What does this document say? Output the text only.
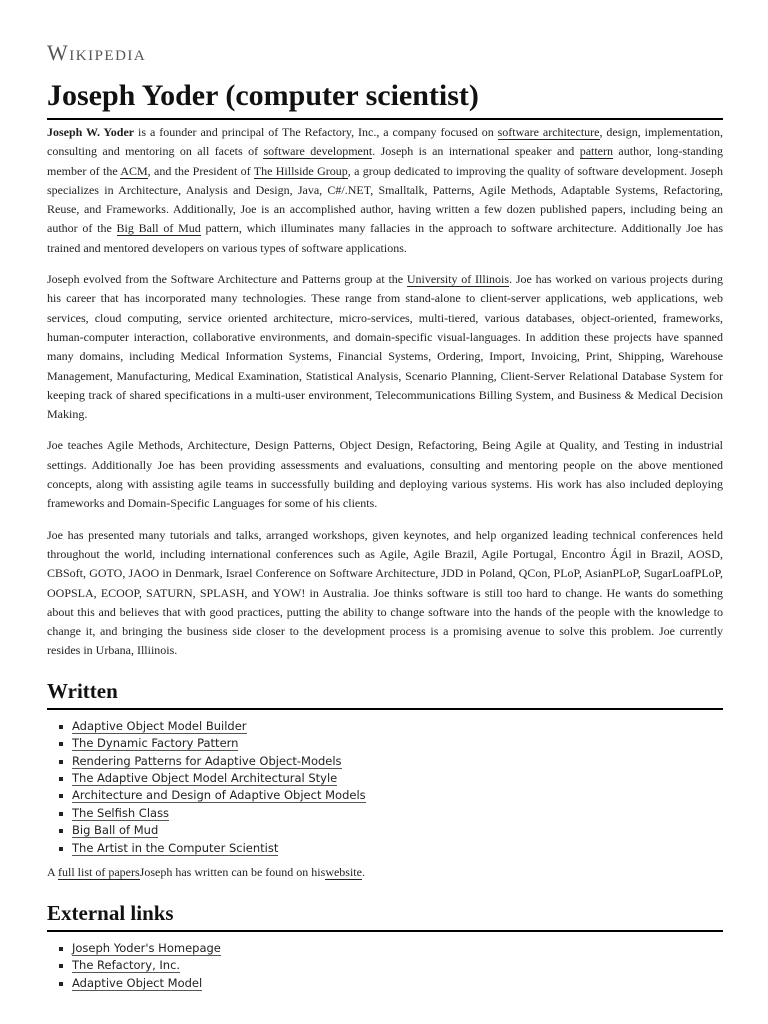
Wikipedia
Joseph Yoder (computer scientist)

Joseph W. Yoder is a founder and principal of The Refactory, Inc., a company focused on software architecture, design, implementation, consulting and mentoring on all facets of software development. Joseph is an international speaker and pattern author, long-standing member of the ACM, and the President of The Hillside Group, a group dedicated to improving the quality of software development. Joseph specializes in Architecture, Analysis and Design, Java, C#/.NET, Smalltalk, Patterns, Agile Methods, Adaptable Systems, Refactoring, Reuse, and Frameworks. Additionally, Joe is an accomplished author, having written a few dozen published papers, including being an author of the Big Ball of Mud pattern, which illuminates many fallacies in the approach to software architecture. Additionally Joe has trained and mentored developers on various types of software applications.

Joseph evolved from the Software Architecture and Patterns group at the University of Illinois. Joe has worked on various projects during his career that has incorporated many technologies. These range from stand-alone to client-server applications, web applications, web services, cloud computing, service oriented architecture, micro-services, multi-tiered, various databases, object-oriented, frameworks, human-computer interaction, collaborative environments, and domain-specific visual-languages. In addition these projects have spanned many domains, including Medical Information Systems, Financial Systems, Ordering, Import, Invoicing, Print, Shipping, Warehouse Management, Manufacturing, Medical Examination, Statistical Analysis, Scenario Planning, Client-Server Relational Database System for keeping track of shared specifications in a multi-user environment, Telecommunications Billing System, and Business & Medical Decision Making.

Joe teaches Agile Methods, Architecture, Design Patterns, Object Design, Refactoring, Being Agile at Quality, and Testing in industrial settings. Additionally Joe has been providing assessments and evaluations, consulting and mentoring people on the above mentioned concepts, along with assisting agile teams in successfully building and deploying various systems. His work has also included deploying frameworks and Domain-Specific Languages for some of his clients.

Joe has presented many tutorials and talks, arranged workshops, given keynotes, and help organized leading technical conferences held throughout the world, including international conferences such as Agile, Agile Brazil, Agile Portugal, Encontro Ágil in Brazil, AOSD, CBSoft, GOTO, JAOO in Denmark, Israel Conference on Software Architecture, JDD in Poland, QCon, PLoP, AsianPLoP, SugarLoafPLoP, OOPSLA, ECOOP, SATURN, SPLASH, and YOW! in Australia. Joe thinks software is still too hard to change. He wants do something about this and believes that with good practices, putting the ability to change software into the hands of the people with the knowledge to change it, and bringing the business side closer to the development process is a promising avenue to solve this problem. Joe currently resides in Urbana, Illiinois.

Written
Adaptive Object Model Builder
The Dynamic Factory Pattern
Rendering Patterns for Adaptive Object-Models
The Adaptive Object Model Architectural Style
Architecture and Design of Adaptive Object Models
The Selfish Class
Big Ball of Mud
The Artist in the Computer Scientist
A full list of papersJoseph has written can be found on hiswebsite.
External links
Joseph Yoder's Homepage
The Refactory, Inc.
Adaptive Object Model
